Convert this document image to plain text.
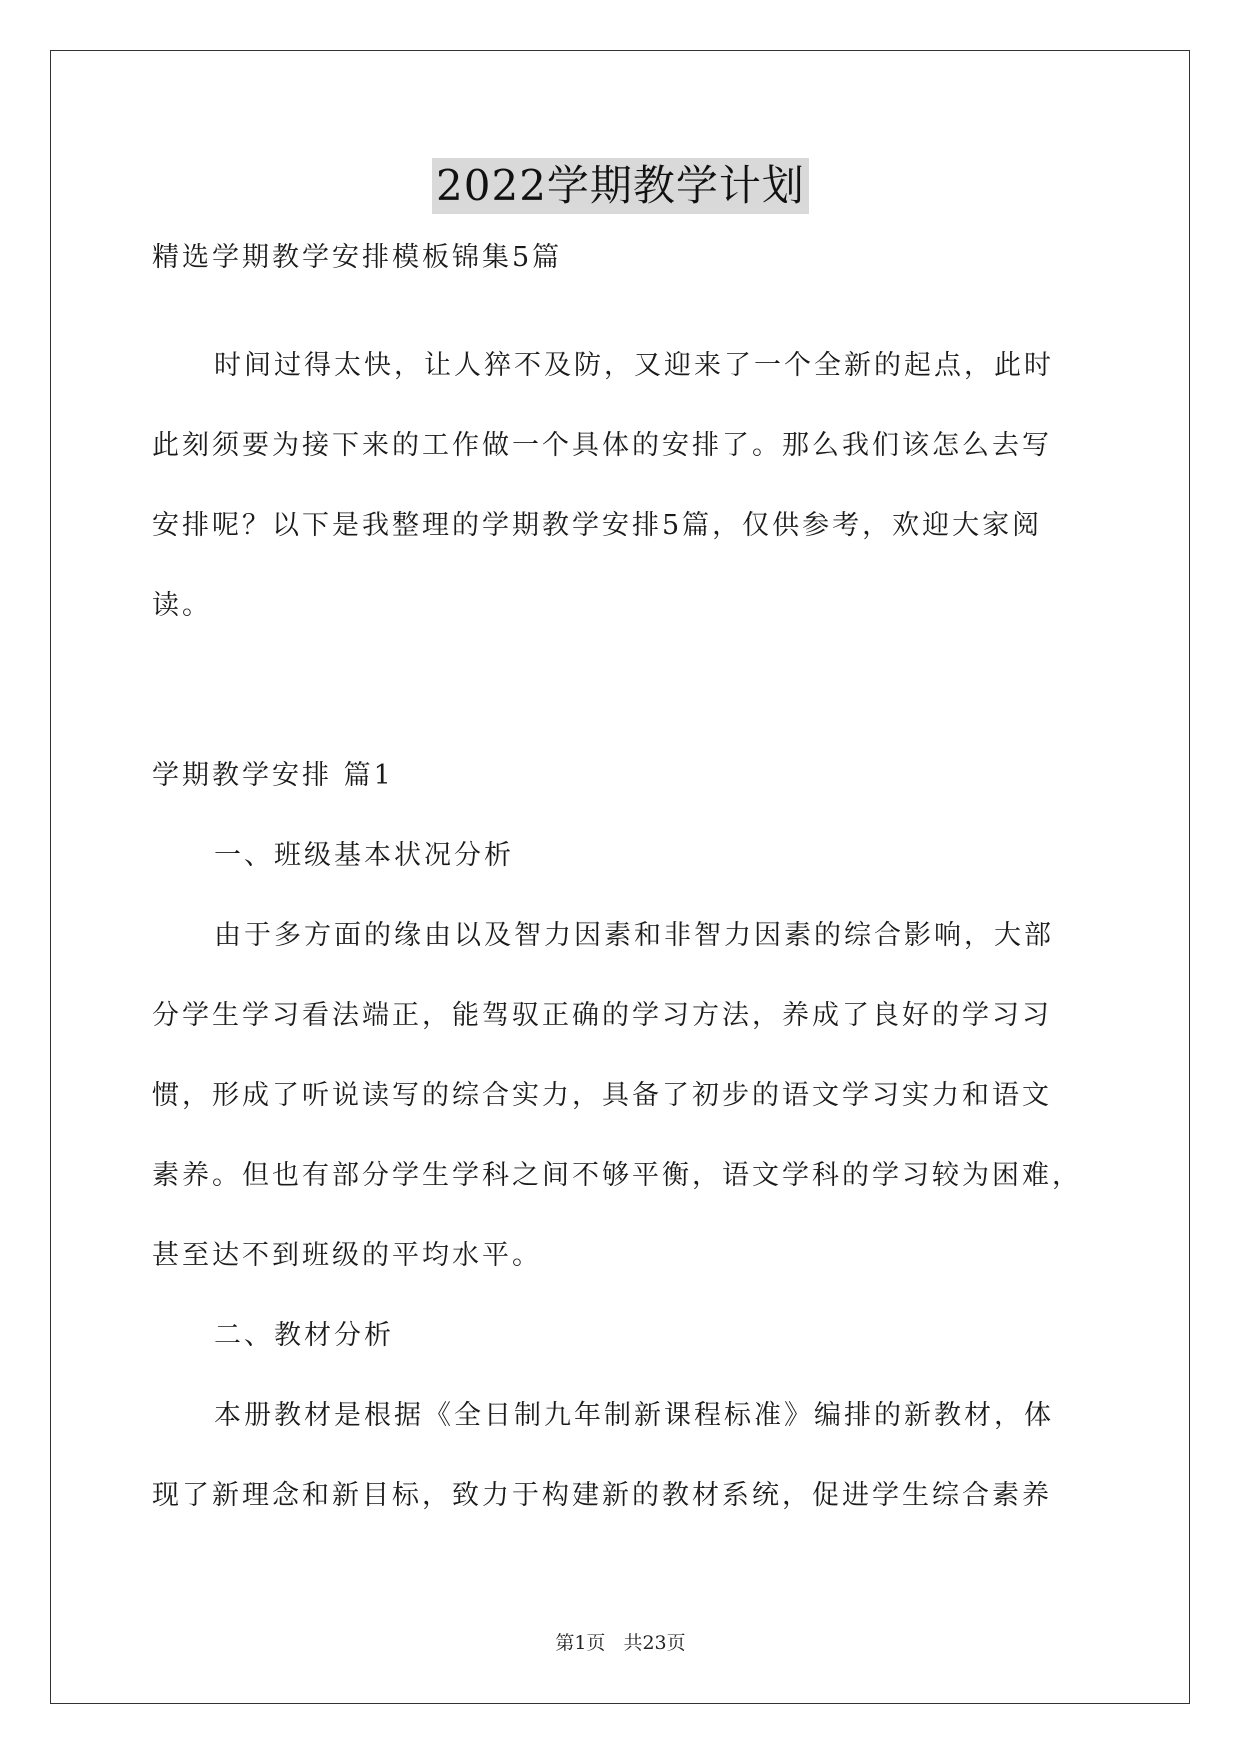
2022学期教学计划
精选学期教学安排模板锦集5篇
时间过得太快，让人猝不及防，又迎来了一个全新的起点，此时
此刻须要为接下来的工作做一个具体的安排了。那么我们该怎么去写
安排呢？以下是我整理的学期教学安排5篇，仅供参考，欢迎大家阅
读。
学期教学安排 篇1
一、班级基本状况分析
由于多方面的缘由以及智力因素和非智力因素的综合影响，大部
分学生学习看法端正，能驾驭正确的学习方法，养成了良好的学习习
惯，形成了听说读写的综合实力，具备了初步的语文学习实力和语文
素养。但也有部分学生学科之间不够平衡，语文学科的学习较为困难，
甚至达不到班级的平均水平。
二、教材分析
本册教材是根据《全日制九年制新课程标准》编排的新教材，体
现了新理念和新目标，致力于构建新的教材系统，促进学生综合素养
第1页 共23页
